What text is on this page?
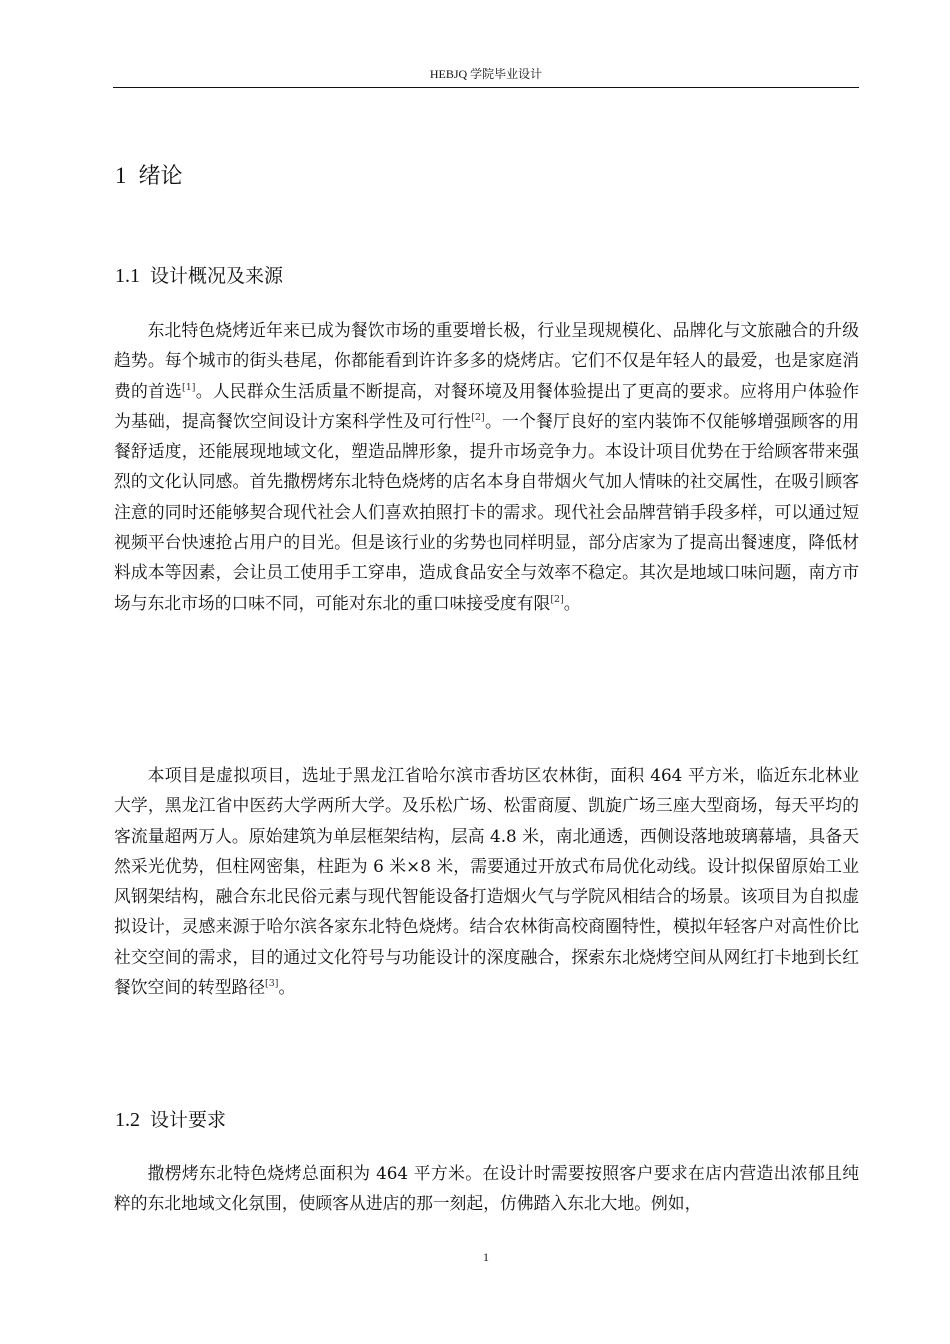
HEBJQ 学院毕业设计
1 绪论
1.1 设计概况及来源

东北特色烧烤近年来已成为餐饮市场的重要增长极，行业呈现规模化、品牌化与文旅融合的升级趋势。每个城市的街头巷尾，你都能看到许许多多的烧烤店。它们不仅是年轻人的最爱，也是家庭消费的首选[1]。人民群众生活质量不断提高，对餐环境及用餐体验提出了更高的要求。应将用户体验作为基础，提高餐饮空间设计方案科学性及可行性[2]。一个餐厅良好的室内装饰不仅能够增强顾客的用餐舒适度，还能展现地域文化，塑造品牌形象，提升市场竞争力。本设计项目优势在于给顾客带来强烈的文化认同感。首先撒楞烤东北特色烧烤的店名本身自带烟火气加人情味的社交属性，在吸引顾客注意的同时还能够契合现代社会人们喜欢拍照打卡的需求。现代社会品牌营销手段多样，可以通过短视频平台快速抢占用户的目光。但是该行业的劣势也同样明显，部分店家为了提高出餐速度，降低材料成本等因素，会让员工使用手工穿串，造成食品安全与效率不稳定。其次是地域口味问题，南方市场与东北市场的口味不同，可能对东北的重口味接受度有限[2]。

本项目是虚拟项目，选址于黑龙江省哈尔滨市香坊区农林街，面积 464 平方米，临近东北林业大学，黑龙江省中医药大学两所大学。及乐松广场、松雷商厦、凯旋广场三座大型商场，每天平均的客流量超两万人。原始建筑为单层框架结构，层高 4.8 米，南北通透，西侧设落地玻璃幕墙，具备天然采光优势，但柱网密集，柱距为 6 米×8 米，需要通过开放式布局优化动线。设计拟保留原始工业风钢架结构，融合东北民俗元素与现代智能设备打造烟火气与学院风相结合的场景。该项目为自拟虚拟设计，灵感来源于哈尔滨各家东北特色烧烤。结合农林街高校商圈特性，模拟年轻客户对高性价比社交空间的需求，目的通过文化符号与功能设计的深度融合，探索东北烧烤空间从网红打卡地到长红餐饮空间的转型路径[3]。

1.2 设计要求

撒楞烤东北特色烧烤总面积为 464 平方米。在设计时需要按照客户要求在店内营造出浓郁且纯粹的东北地域文化氛围，使顾客从进店的那一刻起，仿佛踏入东北大地。例如，

1
